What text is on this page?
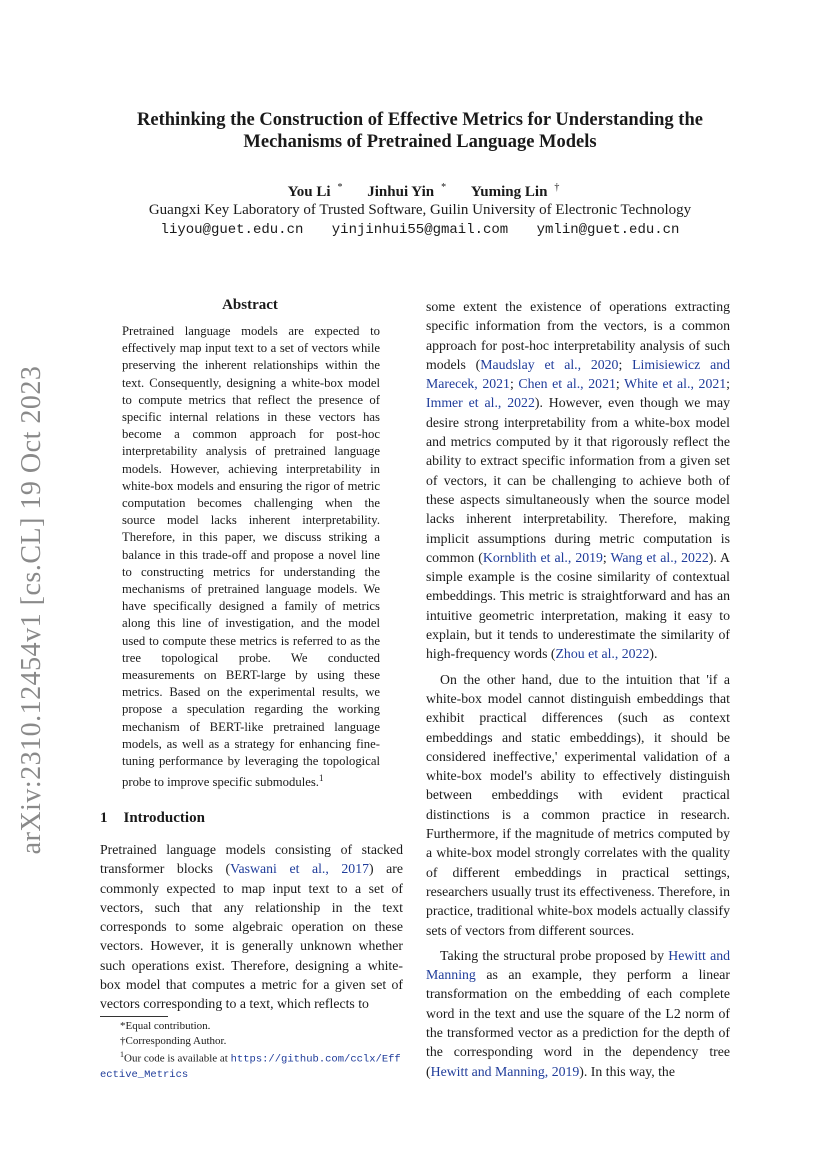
arXiv:2310.12454v1 [cs.CL] 19 Oct 2023
Rethinking the Construction of Effective Metrics for Understanding the
Mechanisms of Pretrained Language Models
You Li * Jinhui Yin * Yuming Lin †
Guangxi Key Laboratory of Trusted Software, Guilin University of Electronic Technology
liyou@guet.edu.cn yinjinhui55@gmail.com ymlin@guet.edu.cn
Abstract
Pretrained language models are expected to effectively map input text to a set of vectors while preserving the inherent relationships within the text. Consequently, designing a white-box model to compute metrics that reflect the presence of specific internal relations in these vectors has become a common approach for post-hoc interpretability analysis of pretrained language models. However, achieving interpretability in white-box models and ensuring the rigor of metric computation becomes challenging when the source model lacks inherent interpretability. Therefore, in this paper, we discuss striking a balance in this trade-off and propose a novel line to constructing metrics for understanding the mechanisms of pretrained language models. We have specifically designed a family of metrics along this line of investigation, and the model used to compute these metrics is referred to as the tree topological probe. We conducted measurements on BERT-large by using these metrics. Based on the experimental results, we propose a speculation regarding the working mechanism of BERT-like pretrained language models, as well as a strategy for enhancing fine-tuning performance by leveraging the topological probe to improve specific submodules.$^1$
1 Introduction
Pretrained language models consisting of stacked transformer blocks (Vaswani et al., 2017) are commonly expected to map input text to a set of vectors, such that any relationship in the text corresponds to some algebraic operation on these vectors. However, it is generally unknown whether such operations exist. Therefore, designing a white-box model that computes a metric for a given set of vectors corresponding to a text, which reflects to
*Equal contribution.
†Corresponding Author.
$^1$Our code is available at https://github.com/cclx/Effective_Metrics

some extent the existence of operations extracting specific information from the vectors, is a common approach for post-hoc interpretability analysis of such models (Maudslay et al., 2020; Limisiewicz and Marecek, 2021; Chen et al., 2021; White et al., 2021; Immer et al., 2022). However, even though we may desire strong interpretability from a white-box model and metrics computed by it that rigorously reflect the ability to extract specific information from a given set of vectors, it can be challenging to achieve both of these aspects simultaneously when the source model lacks inherent interpretability. Therefore, making implicit assumptions during metric computation is common (Kornblith et al., 2019; Wang et al., 2022). A simple example is the cosine similarity of contextual embeddings. This metric is straightforward and has an intuitive geometric interpretation, making it easy to explain, but it tends to underestimate the similarity of high-frequency words (Zhou et al., 2022).

On the other hand, due to the intuition that 'if a white-box model cannot distinguish embeddings that exhibit practical differences (such as context embeddings and static embeddings), it should be considered ineffective,' experimental validation of a white-box model's ability to effectively distinguish between embeddings with evident practical distinctions is a common practice in research. Furthermore, if the magnitude of metrics computed by a white-box model strongly correlates with the quality of different embeddings in practical settings, researchers usually trust its effectiveness. Therefore, in practice, traditional white-box models actually classify sets of vectors from different sources.

Taking the structural probe proposed by Hewitt and Manning as an example, they perform a linear transformation on the embedding of each complete word in the text and use the square of the L2 norm of the transformed vector as a prediction for the depth of the corresponding word in the dependency tree (Hewitt and Manning, 2019). In this way, the
